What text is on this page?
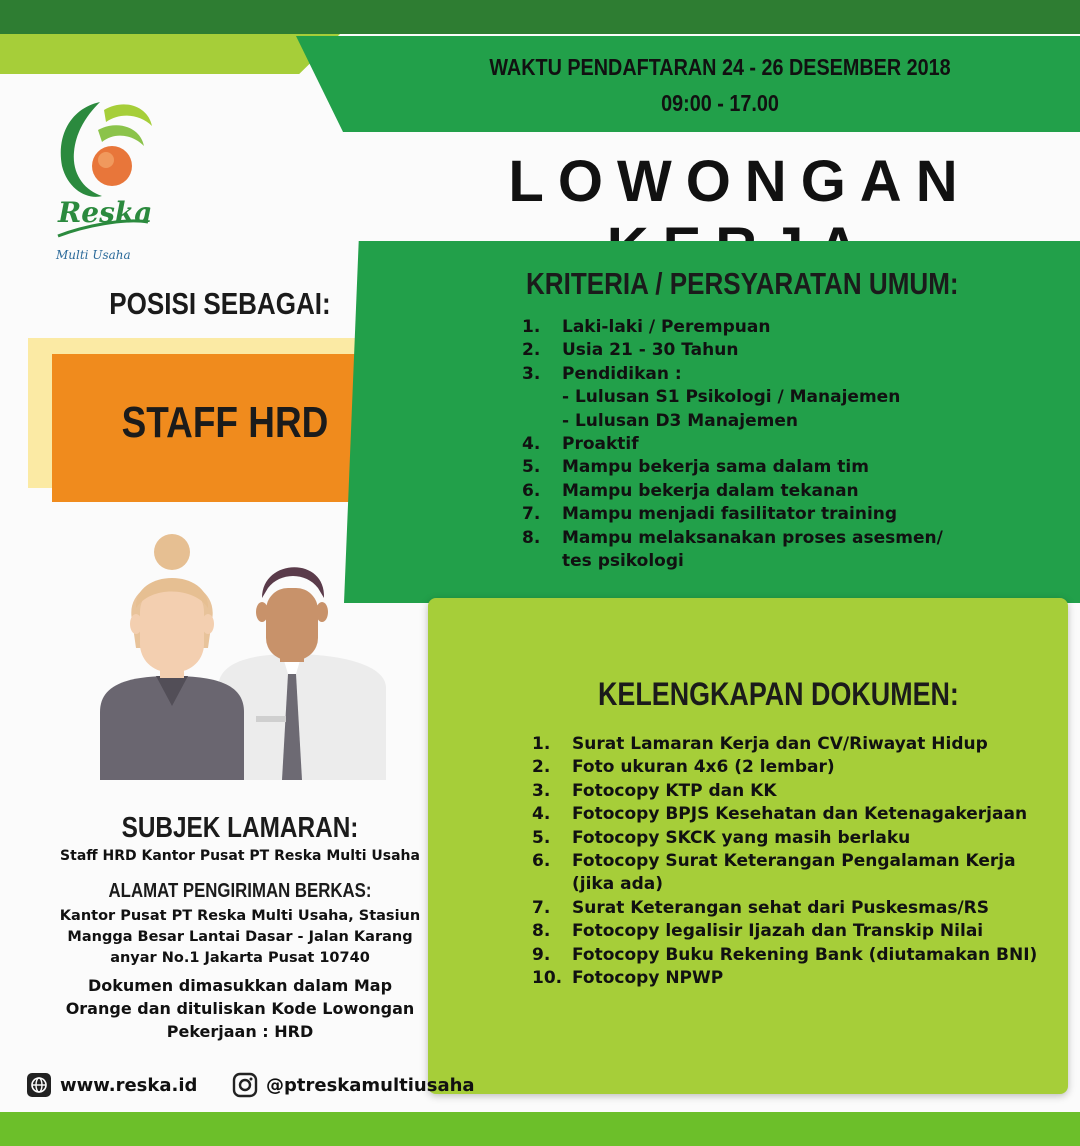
WAKTU PENDAFTARAN 24 - 26 DESEMBER 2018
09:00 - 17.00
LOWONGAN
Reska
Multi Usaha
POSISI SEBAGAI:
STAFF HRD
KRITERIA / PERSYARATAN UMUM:
1.	Laki-laki / Perempuan
2.	Usia 21 - 30 Tahun
3.	Pendidikan :
- Lulusan S1 Psikologi / Manajemen
- Lulusan D3 Manajemen
4.	Proaktif
5.	Mampu bekerja sama dalam tim
6.	Mampu bekerja dalam tekanan
7.	Mampu menjadi fasilitator training
8.	Mampu melaksanakan proses asesmen/
tes psikologi
KELENGKAPAN DOKUMEN:
1.	Surat Lamaran Kerja dan CV/Riwayat Hidup
2.	Foto ukuran 4x6 (2 lembar)
3.	Fotocopy KTP dan KK
4.	Fotocopy BPJS Kesehatan dan Ketenagakerjaan
5.	Fotocopy SKCK yang masih berlaku
6.	Fotocopy Surat Keterangan Pengalaman Kerja
(jika ada)
7.	Surat Keterangan sehat dari Puskesmas/RS
8.	Fotocopy legalisir Ijazah dan Transkip Nilai
9.	Fotocopy Buku Rekening Bank (diutamakan BNI)
10. Fotocopy NPWP
SUBJEK LAMARAN:
Staff HRD Kantor Pusat PT Reska Multi Usaha
ALAMAT PENGIRIMAN BERKAS:
Kantor Pusat PT Reska Multi Usaha, Stasiun
Mangga Besar Lantai Dasar - Jalan Karang
anyar No.1 Jakarta Pusat 10740
Dokumen dimasukkan dalam Map
Orange dan dituliskan Kode Lowongan
Pekerjaan : HRD
www.reska.id	@ptreskamultiusaha
